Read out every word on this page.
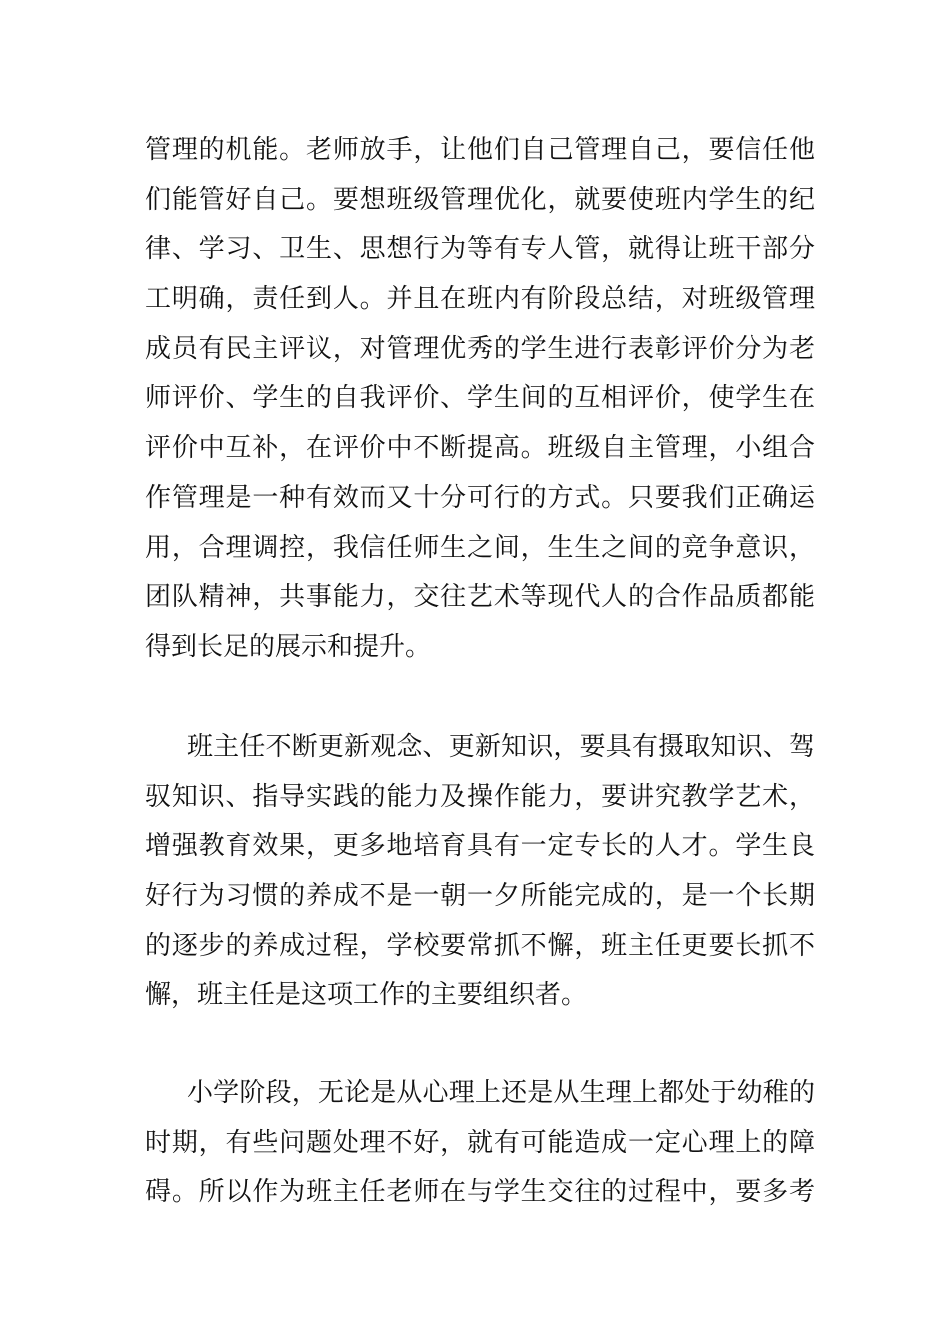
管理的机能。老师放手，让他们自己管理自己，要信任他
们能管好自己。要想班级管理优化，就要使班内学生的纪
律、学习、卫生、思想行为等有专人管，就得让班干部分
工明确，责任到人。并且在班内有阶段总结，对班级管理
成员有民主评议，对管理优秀的学生进行表彰评价分为老
师评价、学生的自我评价、学生间的互相评价，使学生在
评价中互补，在评价中不断提高。班级自主管理，小组合
作管理是一种有效而又十分可行的方式。只要我们正确运
用，合理调控，我信任师生之间，生生之间的竞争意识，
团队精神，共事能力，交往艺术等现代人的合作品质都能
得到长足的展示和提升。
班主任不断更新观念、更新知识，要具有摄取知识、驾
驭知识、指导实践的能力及操作能力，要讲究教学艺术，
增强教育效果，更多地培育具有一定专长的人才。学生良
好行为习惯的养成不是一朝一夕所能完成的，是一个长期
的逐步的养成过程，学校要常抓不懈，班主任更要长抓不
懈，班主任是这项工作的主要组织者。
小学阶段，无论是从心理上还是从生理上都处于幼稚的
时期，有些问题处理不好，就有可能造成一定心理上的障
碍。所以作为班主任老师在与学生交往的过程中，要多考
